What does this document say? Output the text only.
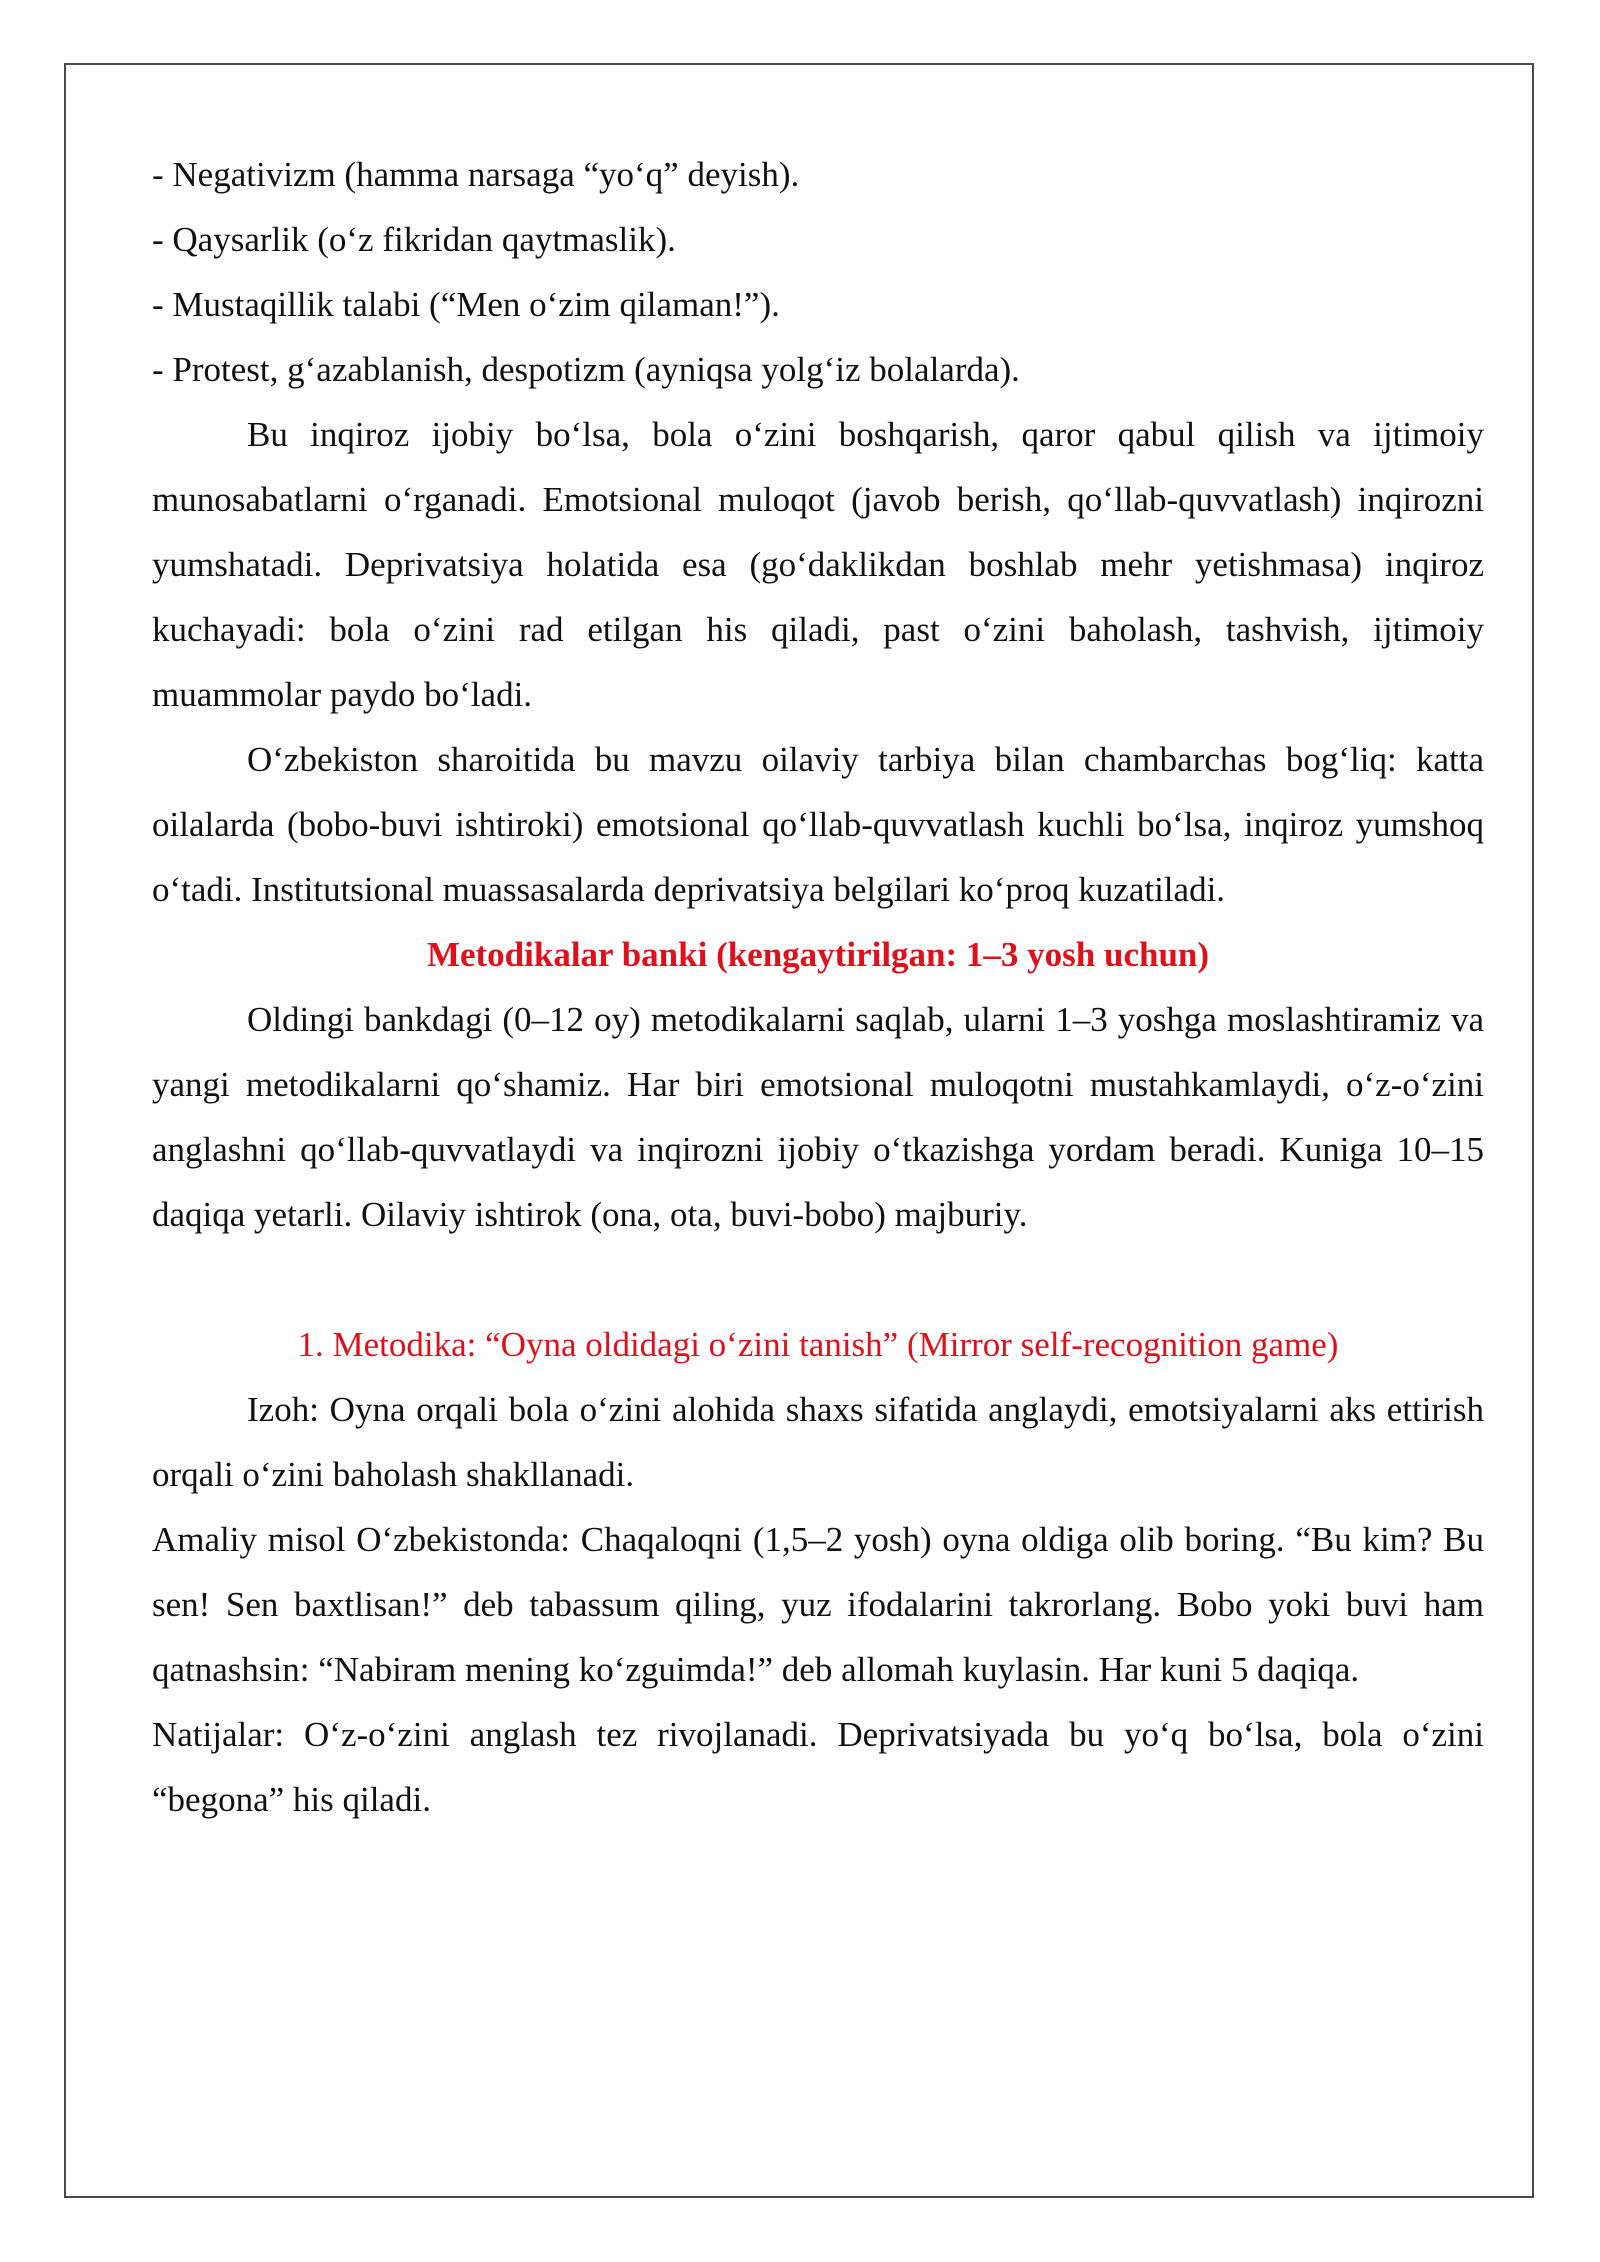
- Negativizm (hamma narsaga “yo‘q” deyish).

- Qaysarlik (o‘z fikridan qaytmaslik).

- Mustaqillik talabi (“Men o‘zim qilaman!”).

- Protest, g‘azablanish, despotizm (ayniqsa yolg‘iz bolalarda).

Bu inqiroz ijobiy bo‘lsa, bola o‘zini boshqarish, qaror qabul qilish va ijtimoiy munosabatlarni o‘rganadi. Emotsional muloqot (javob berish, qo‘llab-quvvatlash) inqirozni yumshatadi. Deprivatsiya holatida esa (go‘daklikdan boshlab mehr yetishmasa) inqiroz kuchayadi: bola o‘zini rad etilgan his qiladi, past o‘zini baholash, tashvish, ijtimoiy muammolar paydo bo‘ladi.

O‘zbekiston sharoitida bu mavzu oilaviy tarbiya bilan chambarchas bog‘liq: katta oilalarda (bobo-buvi ishtiroki) emotsional qo‘llab-quvvatlash kuchli bo‘lsa, inqiroz yumshoq o‘tadi. Institutsional muassasalarda deprivatsiya belgilari ko‘proq kuzatiladi.

Metodikalar banki (kengaytirilgan: 1–3 yosh uchun)

Oldingi bankdagi (0–12 oy) metodikalarni saqlab, ularni 1–3 yoshga moslashtiramiz va yangi metodikalarni qo‘shamiz. Har biri emotsional muloqotni mustahkamlaydi, o‘z-o‘zini anglashni qo‘llab-quvvatlaydi va inqirozni ijobiy o‘tkazishga yordam beradi. Kuniga 10–15 daqiqa yetarli. Oilaviy ishtirok (ona, ota, buvi-bobo) majburiy.

1. Metodika: “Oyna oldidagi o‘zini tanish” (Mirror self-recognition game)

Izoh: Oyna orqali bola o‘zini alohida shaxs sifatida anglaydi, emotsiyalarni aks ettirish orqali o‘zini baholash shakllanadi.

Amaliy misol O‘zbekistonda: Chaqaloqni (1,5–2 yosh) oyna oldiga olib boring. “Bu kim? Bu sen! Sen baxtlisan!” deb tabassum qiling, yuz ifodalarini takrorlang. Bobo yoki buvi ham qatnashsin: “Nabiram mening ko‘zguimda!” deb allomah kuylasin. Har kuni 5 daqiqa.

Natijalar: O‘z-o‘zini anglash tez rivojlanadi. Deprivatsiyada bu yo‘q bo‘lsa, bola o‘zini “begona” his qiladi.
